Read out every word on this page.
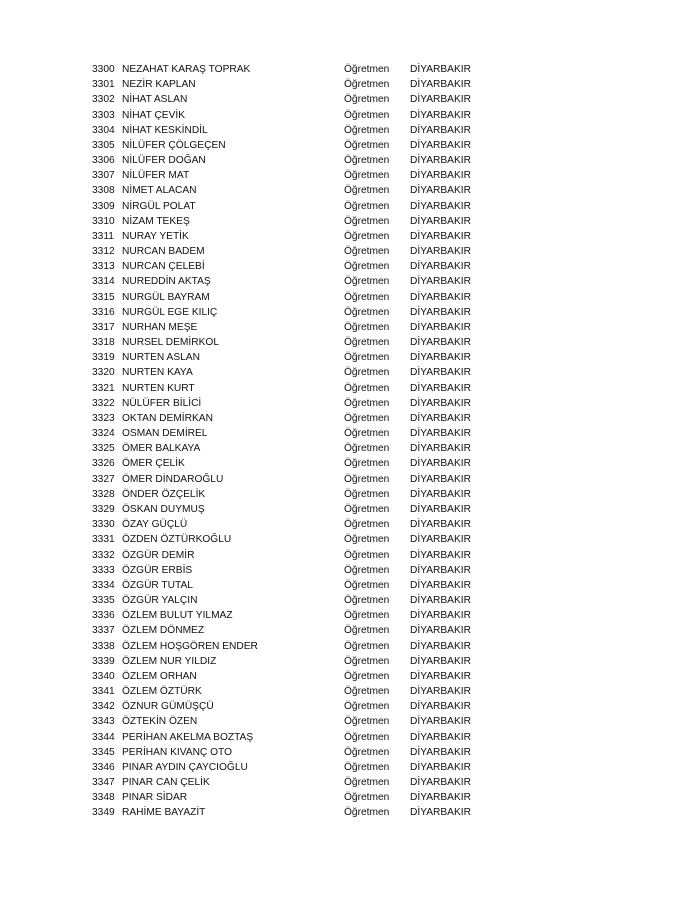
3300 NEZAHAT KARAŞ TOPRAK	Öğretmen DİYARBAKIR
3301 NEZİR KAPLAN	Öğretmen DİYARBAKIR
3302 NİHAT ASLAN	Öğretmen DİYARBAKIR
3303 NİHAT ÇEVİK	Öğretmen DİYARBAKIR
3304 NİHAT KESKİNDİL	Öğretmen DİYARBAKIR
3305 NİLÜFER ÇÖLGEÇEN	Öğretmen DİYARBAKIR
3306 NİLÜFER DOĞAN	Öğretmen DİYARBAKIR
3307 NİLÜFER MAT	Öğretmen DİYARBAKIR
3308 NİMET ALACAN	Öğretmen DİYARBAKIR
3309 NİRGÜL POLAT	Öğretmen DİYARBAKIR
3310 NİZAM TEKEŞ	Öğretmen DİYARBAKIR
3311 NURAY YETİK	Öğretmen DİYARBAKIR
3312 NURCAN BADEM	Öğretmen DİYARBAKIR
3313 NURCAN ÇELEBİ	Öğretmen DİYARBAKIR
3314 NUREDDİN AKTAŞ	Öğretmen DİYARBAKIR
3315 NURGÜL BAYRAM	Öğretmen DİYARBAKIR
3316 NURGÜL EGE KILIÇ	Öğretmen DİYARBAKIR
3317 NURHAN MEŞE	Öğretmen DİYARBAKIR
3318 NURSEL DEMİRKOL	Öğretmen DİYARBAKIR
3319 NURTEN ASLAN	Öğretmen DİYARBAKIR
3320 NURTEN KAYA	Öğretmen DİYARBAKIR
3321 NURTEN KURT	Öğretmen DİYARBAKIR
3322 NÜLÜFER BİLİCİ	Öğretmen DİYARBAKIR
3323 OKTAN DEMİRKAN	Öğretmen DİYARBAKIR
3324 OSMAN DEMİREL	Öğretmen DİYARBAKIR
3325 ÖMER BALKAYA	Öğretmen DİYARBAKIR
3326 ÖMER ÇELİK	Öğretmen DİYARBAKIR
3327 ÖMER DİNDAROĞLU	Öğretmen DİYARBAKIR
3328 ÖNDER ÖZÇELİK	Öğretmen DİYARBAKIR
3329 ÖSKAN DUYMUŞ	Öğretmen DİYARBAKIR
3330 ÖZAY GÜÇLÜ	Öğretmen DİYARBAKIR
3331 ÖZDEN ÖZTÜRKOĞLU	Öğretmen DİYARBAKIR
3332 ÖZGÜR DEMİR	Öğretmen DİYARBAKIR
3333 ÖZGÜR ERBİS	Öğretmen DİYARBAKIR
3334 ÖZGÜR TUTAL	Öğretmen DİYARBAKIR
3335 ÖZGÜR YALÇIN	Öğretmen DİYARBAKIR
3336 ÖZLEM BULUT YILMAZ	Öğretmen DİYARBAKIR
3337 ÖZLEM DÖNMEZ	Öğretmen DİYARBAKIR
3338 ÖZLEM HOŞGÖREN ENDER	Öğretmen DİYARBAKIR
3339 ÖZLEM NUR YILDIZ	Öğretmen DİYARBAKIR
3340 ÖZLEM ORHAN	Öğretmen DİYARBAKIR
3341 ÖZLEM ÖZTÜRK	Öğretmen DİYARBAKIR
3342 ÖZNUR GÜMÜŞÇÜ	Öğretmen DİYARBAKIR
3343 ÖZTEKİN ÖZEN	Öğretmen DİYARBAKIR
3344 PERİHAN AKELMA BOZTAŞ	Öğretmen DİYARBAKIR
3345 PERİHAN KIVANÇ OTO	Öğretmen DİYARBAKIR
3346 PINAR AYDIN ÇAYCIOĞLU	Öğretmen DİYARBAKIR
3347 PINAR CAN ÇELİK	Öğretmen DİYARBAKIR
3348 PINAR SİDAR	Öğretmen DİYARBAKIR
3349 RAHİME BAYAZİT	Öğretmen DİYARBAKIR
